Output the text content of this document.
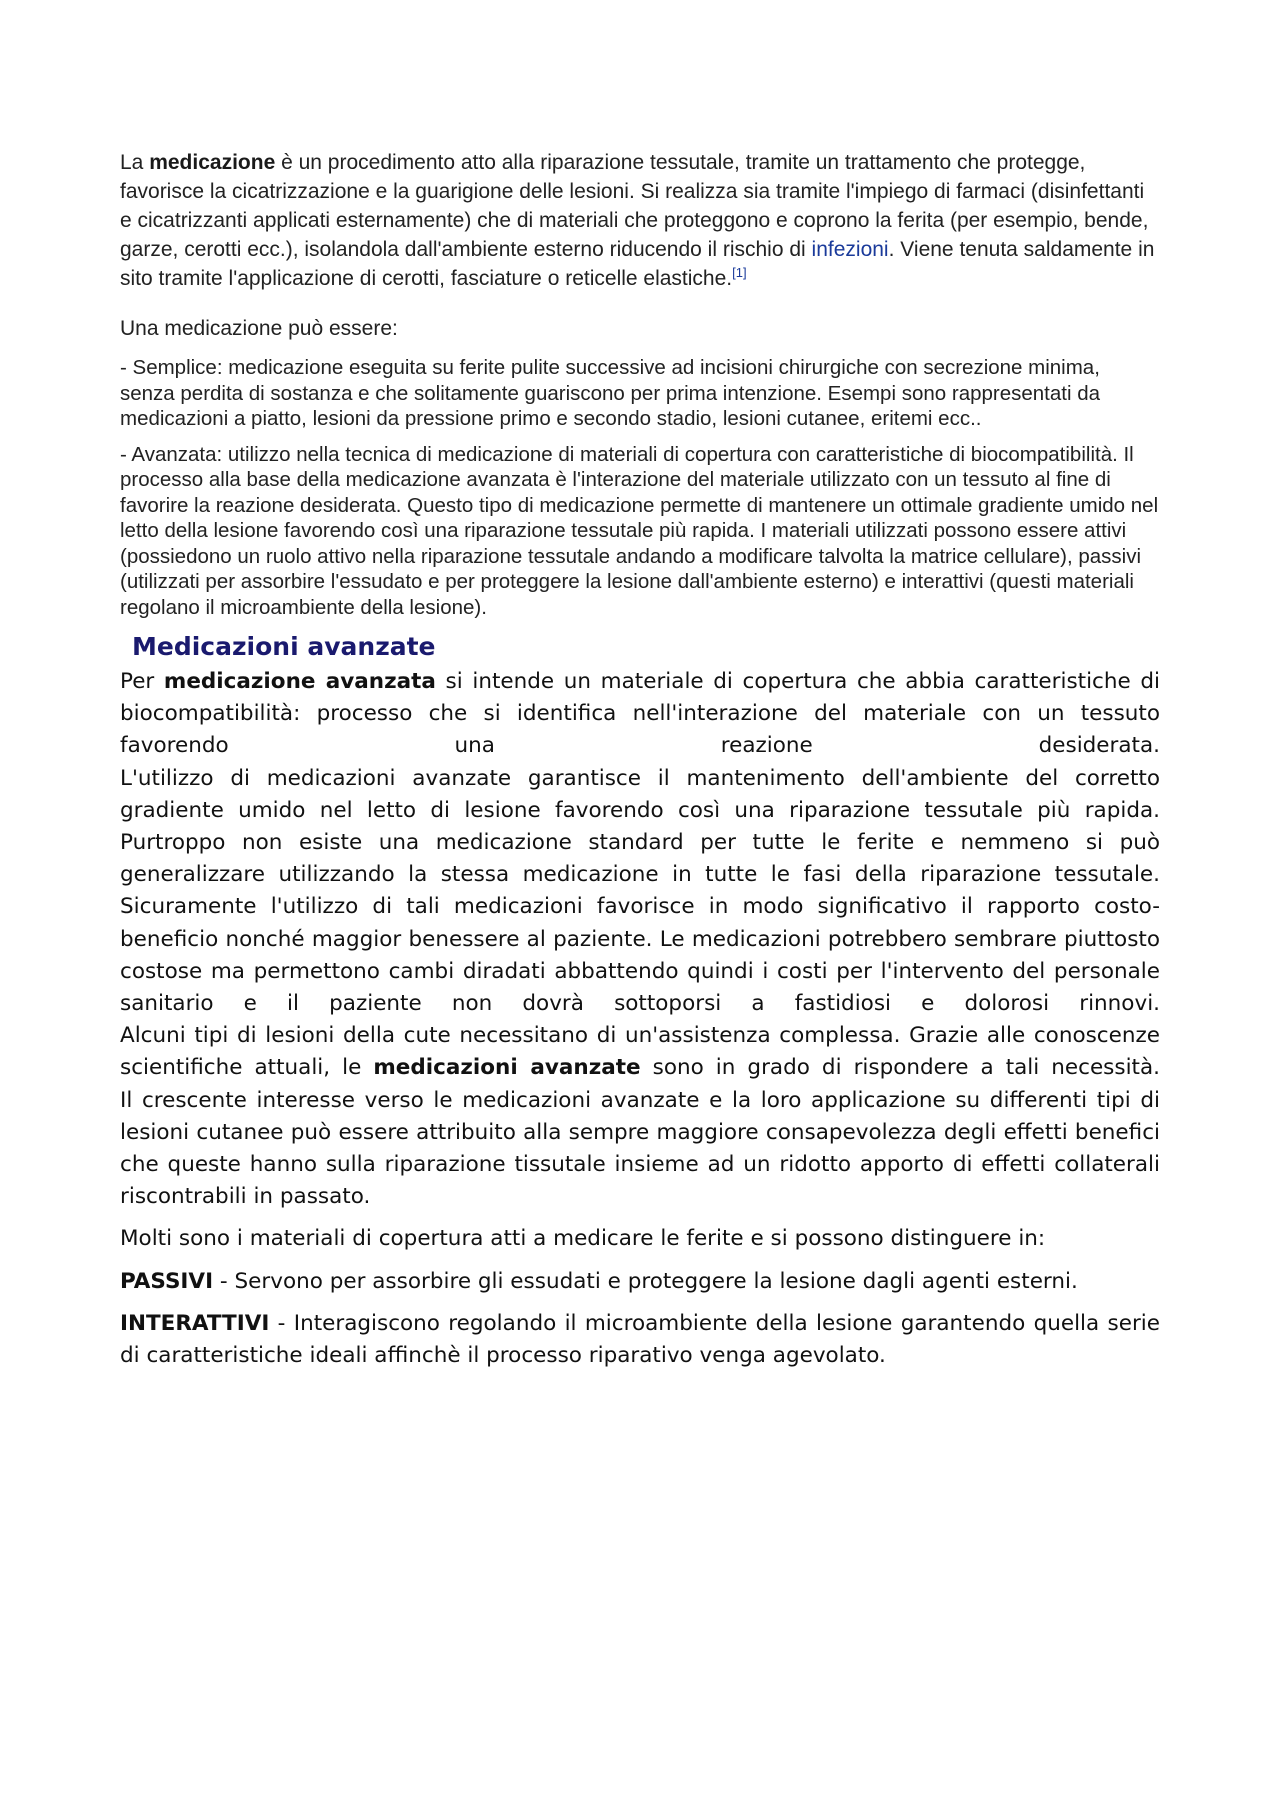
La medicazione è un procedimento atto alla riparazione tessutale, tramite un trattamento che protegge, favorisce la cicatrizzazione e la guarigione delle lesioni. Si realizza sia tramite l'impiego di farmaci (disinfettanti e cicatrizzanti applicati esternamente) che di materiali che proteggono e coprono la ferita (per esempio, bende, garze, cerotti ecc.), isolandola dall'ambiente esterno riducendo il rischio di infezioni. Viene tenuta saldamente in sito tramite l'applicazione di cerotti, fasciature o reticelle elastiche.[1]

Una medicazione può essere:

- Semplice: medicazione eseguita su ferite pulite successive ad incisioni chirurgiche con secrezione minima, senza perdita di sostanza e che solitamente guariscono per prima intenzione. Esempi sono rappresentati da medicazioni a piatto, lesioni da pressione primo e secondo stadio, lesioni cutanee, eritemi ecc..

- Avanzata: utilizzo nella tecnica di medicazione di materiali di copertura con caratteristiche di biocompatibilità. Il processo alla base della medicazione avanzata è l'interazione del materiale utilizzato con un tessuto al fine di favorire la reazione desiderata. Questo tipo di medicazione permette di mantenere un ottimale gradiente umido nel letto della lesione favorendo così una riparazione tessutale più rapida. I materiali utilizzati possono essere attivi (possiedono un ruolo attivo nella riparazione tessutale andando a modificare talvolta la matrice cellulare), passivi (utilizzati per assorbire l'essudato e per proteggere la lesione dall'ambiente esterno) e interattivi (questi materiali regolano il microambiente della lesione).

Medicazioni avanzate

Per medicazione avanzata si intende un materiale di copertura che abbia caratteristiche di biocompatibilità: processo che si identifica nell'interazione del materiale con un tessuto favorendo una reazione desiderata.

L'utilizzo di medicazioni avanzate garantisce il mantenimento dell'ambiente del corretto gradiente umido nel letto di lesione favorendo così una riparazione tessutale più rapida. Purtroppo non esiste una medicazione standard per tutte le ferite e nemmeno si può generalizzare utilizzando la stessa medicazione in tutte le fasi della riparazione tessutale.

Sicuramente l'utilizzo di tali medicazioni favorisce in modo significativo il rapporto costo-beneficio nonché maggior benessere al paziente. Le medicazioni potrebbero sembrare piuttosto costose ma permettono cambi diradati abbattendo quindi i costi per l'intervento del personale sanitario e il paziente non dovrà sottoporsi a fastidiosi e dolorosi rinnovi.

Alcuni tipi di lesioni della cute necessitano di un'assistenza complessa. Grazie alle conoscenze scientifiche attuali, le medicazioni avanzate sono in grado di rispondere a tali necessità.

Il crescente interesse verso le medicazioni avanzate e la loro applicazione su differenti tipi di lesioni cutanee può essere attribuito alla sempre maggiore consapevolezza degli effetti benefici che queste hanno sulla riparazione tissutale insieme ad un ridotto apporto di effetti collaterali riscontrabili in passato.

Molti sono i materiali di copertura atti a medicare le ferite e si possono distinguere in:

PASSIVI - Servono per assorbire gli essudati e proteggere la lesione dagli agenti esterni.

INTERATTIVI - Interagiscono regolando il microambiente della lesione garantendo quella serie di caratteristiche ideali affinchè il processo riparativo venga agevolato.
